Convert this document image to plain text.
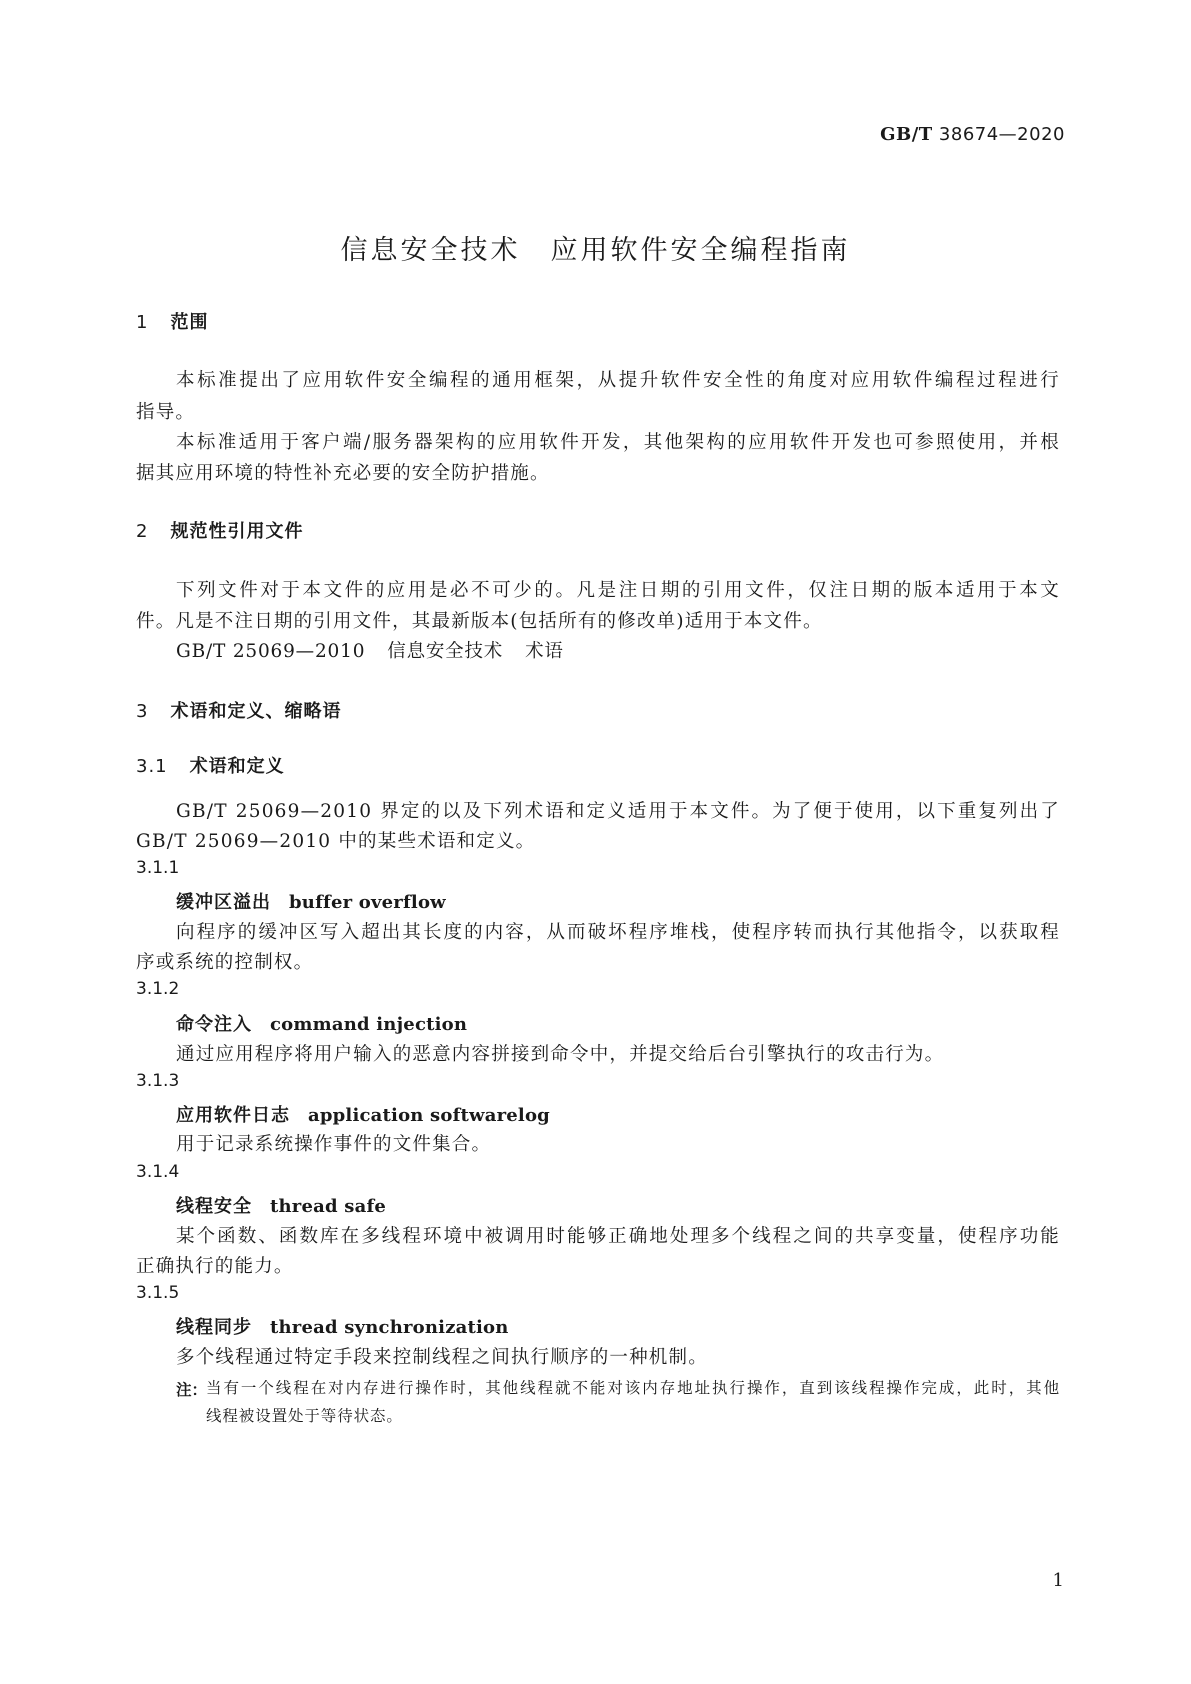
GB/T 38674—2020
信息安全技术　应用软件安全编程指南
1 范围
本标准提出了应用软件安全编程的通用框架，从提升软件安全性的角度对应用软件编程过程进行
指导。
本标准适用于客户端/服务器架构的应用软件开发，其他架构的应用软件开发也可参照使用，并根
据其应用环境的特性补充必要的安全防护措施。
2 规范性引用文件
下列文件对于本文件的应用是必不可少的。凡是注日期的引用文件，仅注日期的版本适用于本文
件。凡是不注日期的引用文件，其最新版本(包括所有的修改单)适用于本文件。
GB/T 25069—2010 信息安全技术 术语
3 术语和定义、缩略语
3.1 术语和定义
GB/T 25069—2010 界定的以及下列术语和定义适用于本文件。为了便于使用，以下重复列出了
GB/T 25069—2010 中的某些术语和定义。
3.1.1
缓冲区溢出 buffer overflow
向程序的缓冲区写入超出其长度的内容，从而破坏程序堆栈，使程序转而执行其他指令，以获取程
序或系统的控制权。
3.1.2
命令注入 command injection
通过应用程序将用户输入的恶意内容拼接到命令中，并提交给后台引擎执行的攻击行为。
3.1.3
应用软件日志 application softwarelog
用于记录系统操作事件的文件集合。
3.1.4
线程安全 thread safe
某个函数、函数库在多线程环境中被调用时能够正确地处理多个线程之间的共享变量，使程序功能
正确执行的能力。
3.1.5
线程同步 thread synchronization
多个线程通过特定手段来控制线程之间执行顺序的一种机制。
注：
当有一个线程在对内存进行操作时，其他线程就不能对该内存地址执行操作，直到该线程操作完成，此时，其他
线程被设置处于等待状态。
1
